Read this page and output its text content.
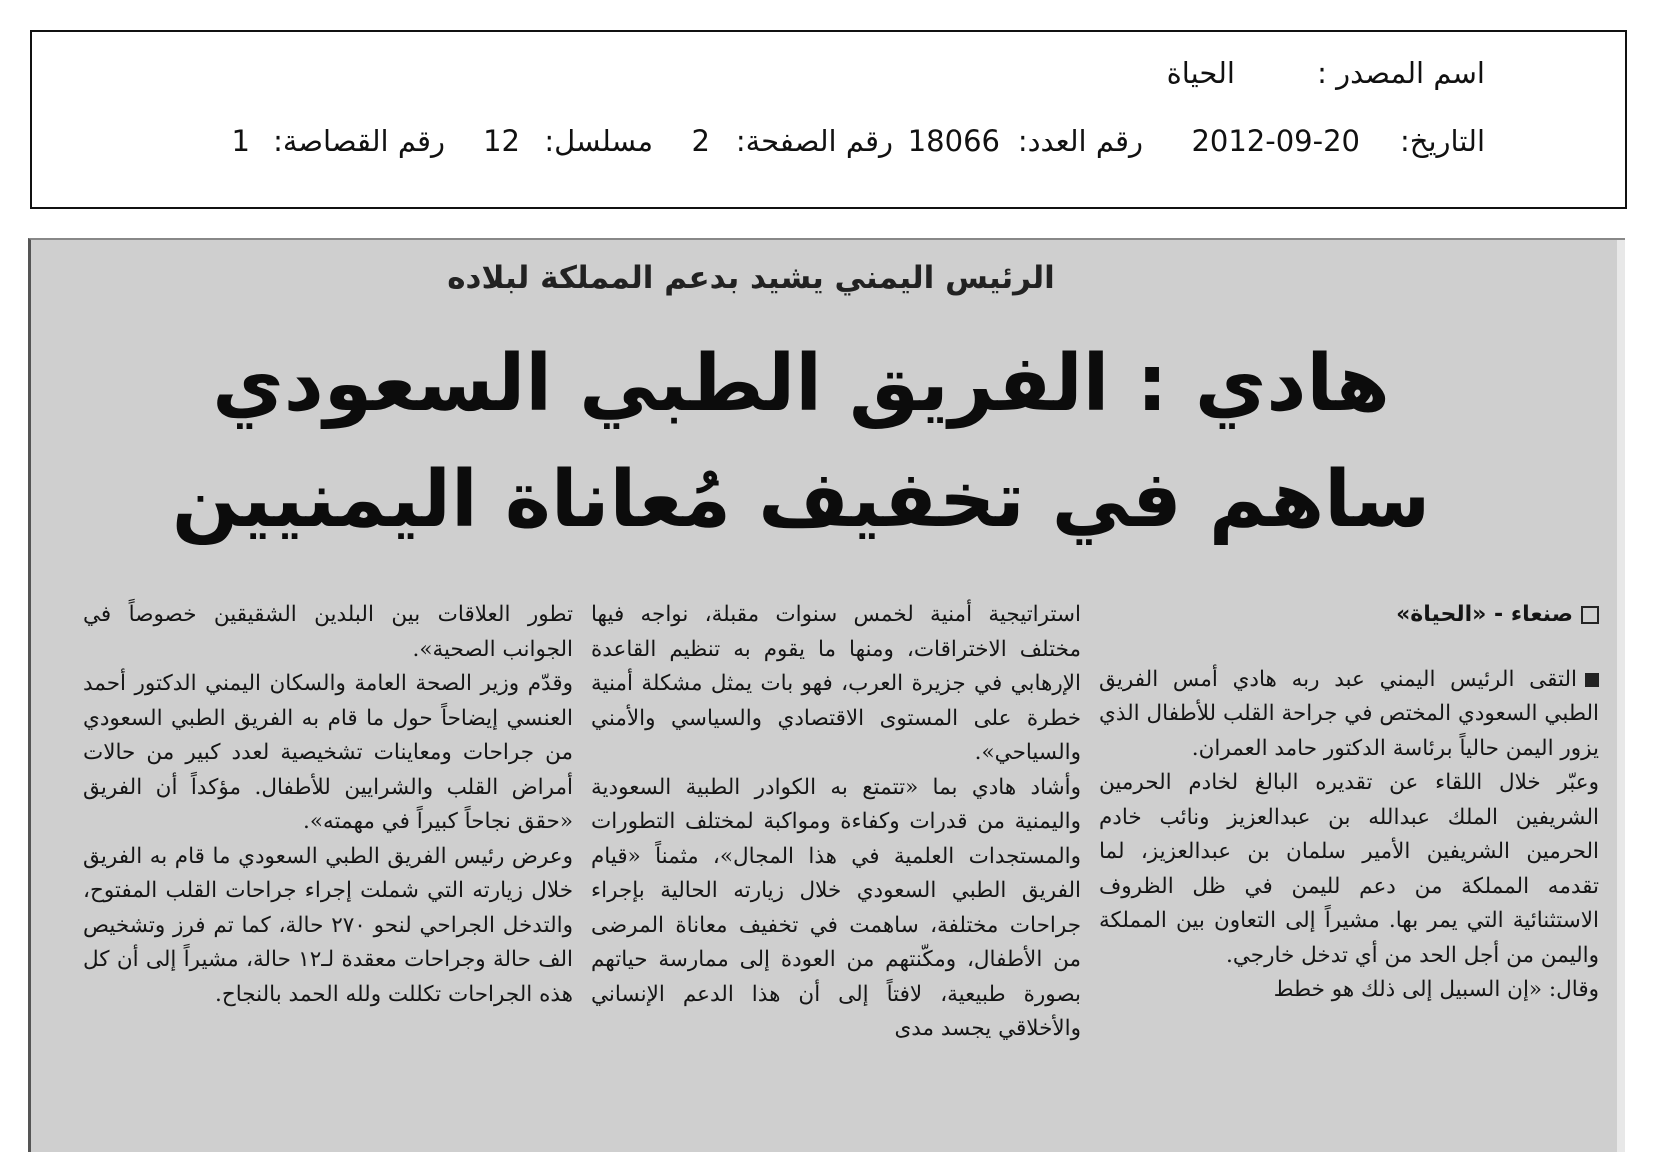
اسم المصدر :
الحياة
التاريخ:
2012-09-20
رقم العدد:
18066
رقم الصفحة:
2
مسلسل:
12
رقم القصاصة:
1
الرئيس اليمني يشيد بدعم المملكة لبلاده
هادي : الفريق الطبي السعودي
ساهم في تخفيف مُعاناة اليمنيين

صنعاء - «الحياة»

التقى الرئيس اليمني عبد ربه هادي أمس الفريق الطبي السعودي المختص في جراحة القلب للأطفال الذي يزور اليمن حالياً برئاسة الدكتور حامد العمران.

وعبّر خلال اللقاء عن تقديره البالغ لخادم الحرمين الشريفين الملك عبدالله بن عبدالعزيز ونائب خادم الحرمين الشريفين الأمير سلمان بن عبدالعزيز، لما تقدمه المملكة من دعم لليمن في ظل الظروف الاستثنائية التي يمر بها. مشيراً إلى التعاون بين المملكة واليمن من أجل الحد من أي تدخل خارجي.

وقال: «إن السبيل إلى ذلك هو خطط

استراتيجية أمنية لخمس سنوات مقبلة، نواجه فيها مختلف الاختراقات، ومنها ما يقوم به تنظيم القاعدة الإرهابي في جزيرة العرب، فهو بات يمثل مشكلة أمنية خطرة على المستوى الاقتصادي والسياسي والأمني والسياحي».

وأشاد هادي بما «تتمتع به الكوادر الطبية السعودية واليمنية من قدرات وكفاءة ومواكبة لمختلف التطورات والمستجدات العلمية في هذا المجال»، مثمناً «قيام الفريق الطبي السعودي خلال زيارته الحالية بإجراء جراحات مختلفة، ساهمت في تخفيف معاناة المرضى من الأطفال، ومكّنتهم من العودة إلى ممارسة حياتهم بصورة طبيعية، لافتاً إلى أن هذا الدعم الإنساني والأخلاقي يجسد مدى

تطور العلاقات بين البلدين الشقيقين خصوصاً في الجوانب الصحية».

وقدّم وزير الصحة العامة والسكان اليمني الدكتور أحمد العنسي إيضاحاً حول ما قام به الفريق الطبي السعودي من جراحات ومعاينات تشخيصية لعدد كبير من حالات أمراض القلب والشرايين للأطفال. مؤكداً أن الفريق «حقق نجاحاً كبيراً في مهمته».

وعرض رئيس الفريق الطبي السعودي ما قام به الفريق خلال زيارته التي شملت إجراء جراحات القلب المفتوح، والتدخل الجراحي لنحو ٢٧٠ حالة، كما تم فرز وتشخيص الف حالة وجراحات معقدة لـ١٢ حالة، مشيراً إلى أن كل هذه الجراحات تكللت ولله الحمد بالنجاح.
